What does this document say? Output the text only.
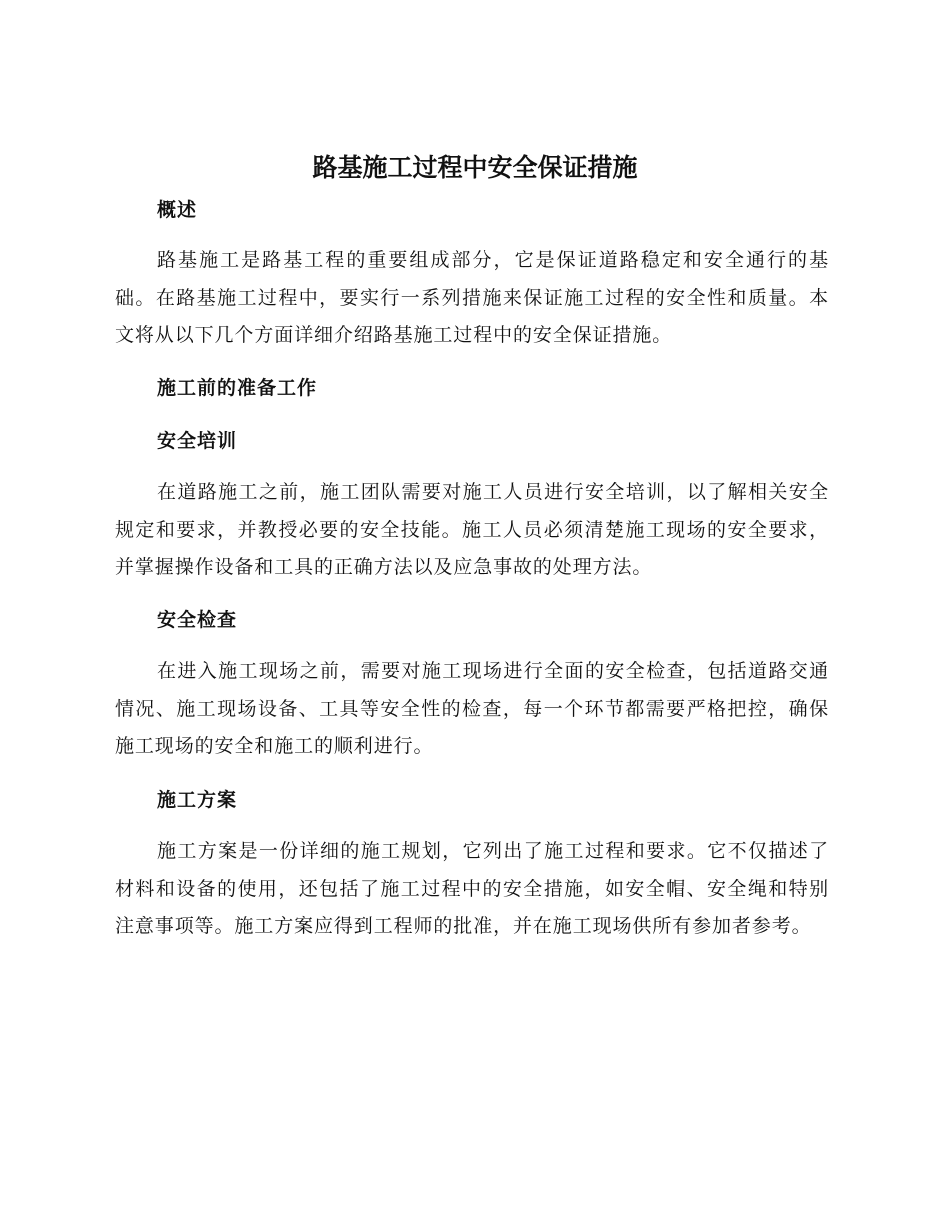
路基施工过程中安全保证措施
概述

路基施工是路基工程的重要组成部分，它是保证道路稳定和安全通行的基础。在路基施工过程中，要实行一系列措施来保证施工过程的安全性和质量。本文将从以下几个方面详细介绍路基施工过程中的安全保证措施。

施工前的准备工作
安全培训

在道路施工之前，施工团队需要对施工人员进行安全培训，以了解相关安全规定和要求，并教授必要的安全技能。施工人员必须清楚施工现场的安全要求，并掌握操作设备和工具的正确方法以及应急事故的处理方法。

安全检查

在进入施工现场之前，需要对施工现场进行全面的安全检查，包括道路交通情况、施工现场设备、工具等安全性的检查，每一个环节都需要严格把控，确保施工现场的安全和施工的顺利进行。

施工方案

施工方案是一份详细的施工规划，它列出了施工过程和要求。它不仅描述了材料和设备的使用，还包括了施工过程中的安全措施，如安全帽、安全绳和特别注意事项等。施工方案应得到工程师的批准，并在施工现场供所有参加者参考。
